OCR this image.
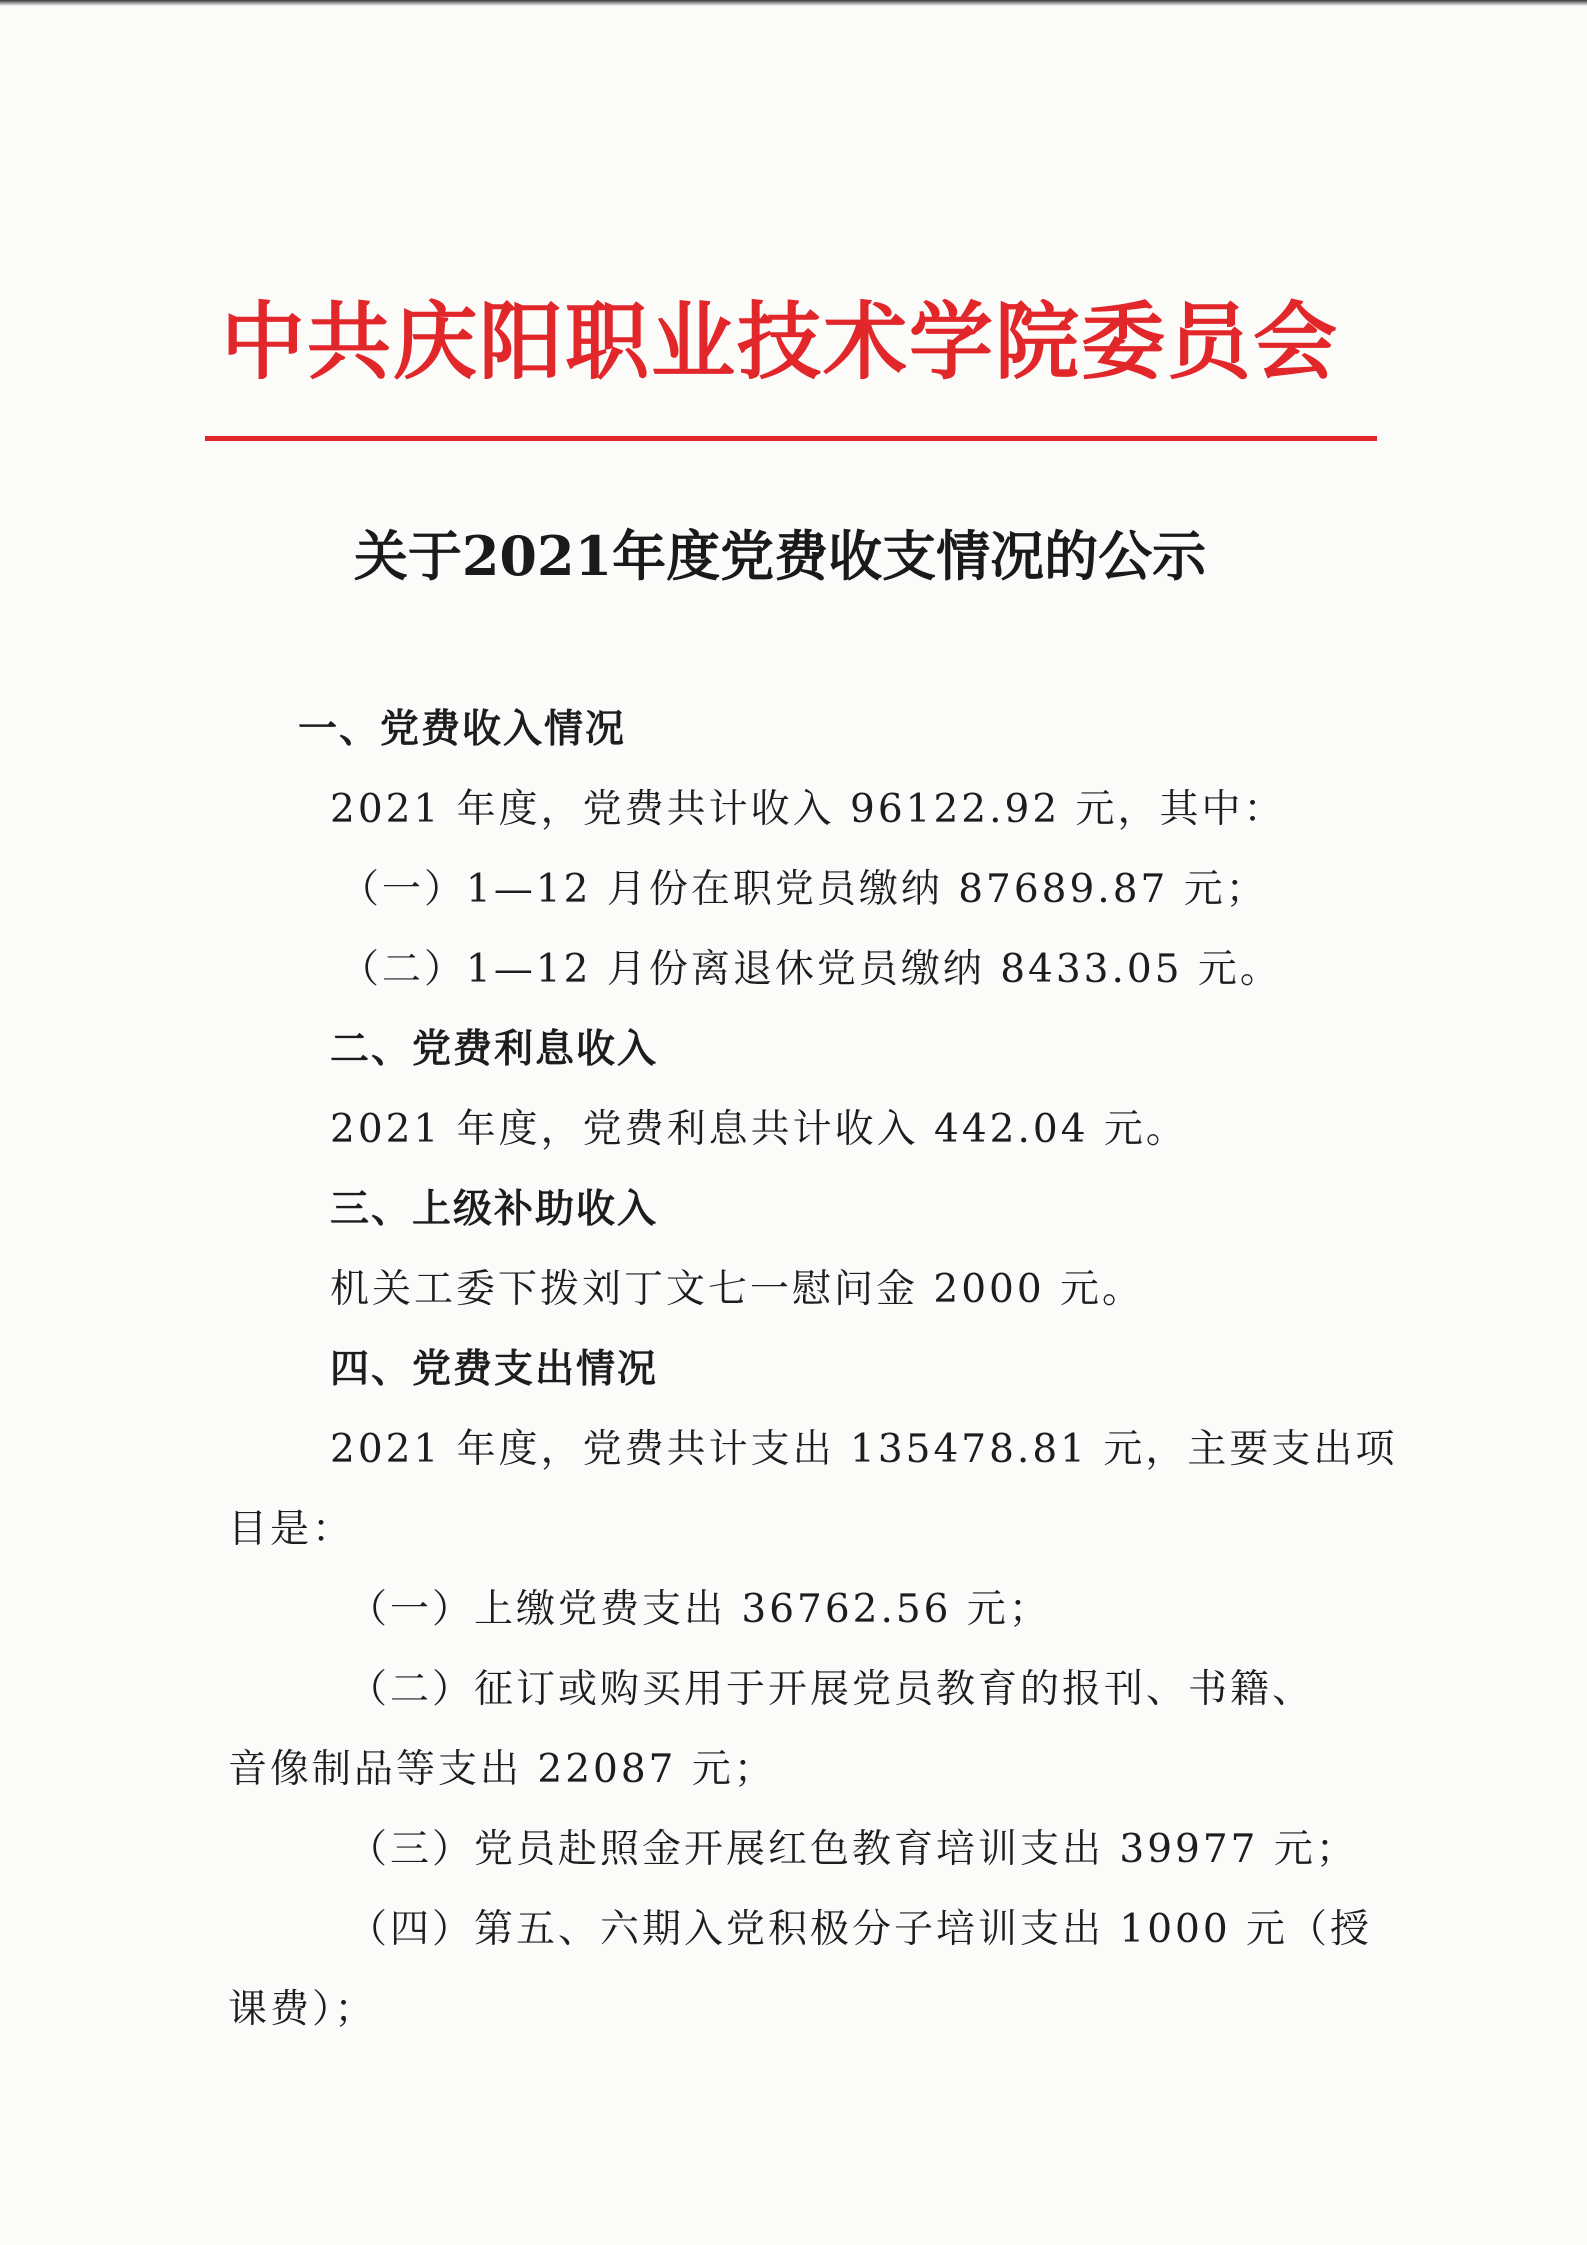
中共庆阳职业技术学院委员会
关于2021年度党费收支情况的公示
一、党费收入情况
2021 年度，党费共计收入 96122.92 元，其中：
（一）1—12 月份在职党员缴纳 87689.87 元；
（二）1—12 月份离退休党员缴纳 8433.05 元。
二、党费利息收入
2021 年度，党费利息共计收入 442.04 元。
三、上级补助收入
机关工委下拨刘丁文七一慰问金 2000 元。
四、党费支出情况
2021 年度，党费共计支出 135478.81 元，主要支出项
目是：
（一）上缴党费支出 36762.56 元；
（二）征订或购买用于开展党员教育的报刊、书籍、
音像制品等支出 22087 元；
（三）党员赴照金开展红色教育培训支出 39977 元；
（四）第五、六期入党积极分子培训支出 1000 元（授
课费）；
